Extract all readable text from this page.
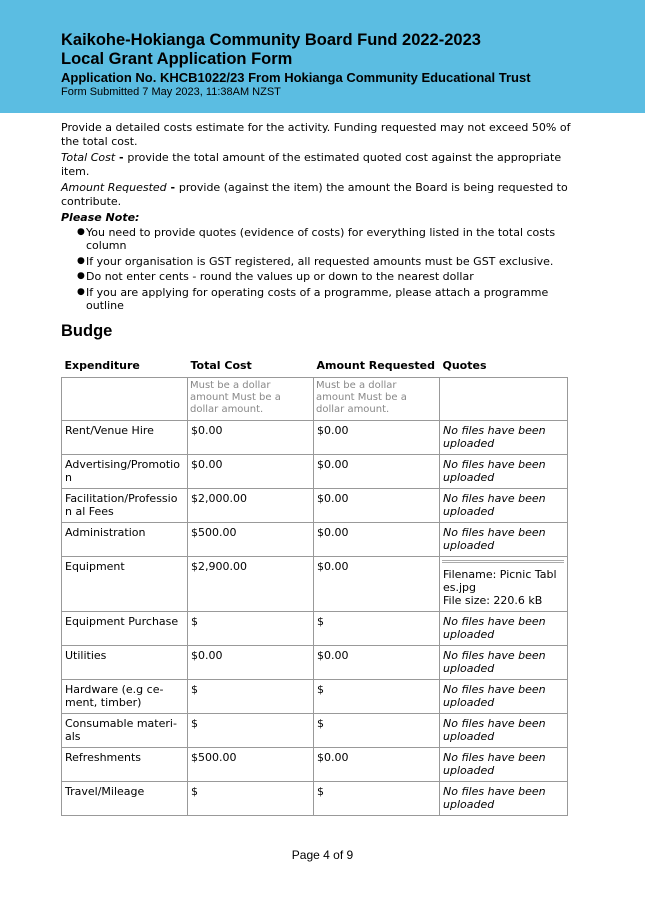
Kaikohe-Hokianga Community Board Fund 2022-2023
Local Grant Application Form
Application No. KHCB1022/23 From Hokianga Community Educational Trust
Form Submitted 7 May 2023, 11:38AM NZST

Provide a detailed costs estimate for the activity. Funding requested may not exceed 50% of the total cost.

Total Cost - provide the total amount of the estimated quoted cost against the appropriate item.

Amount Requested - provide (against the item) the amount the Board is being requested to contribute.

Please Note:
● You need to provide quotes (evidence of costs) for everything listed in the total costs column
● If your organisation is GST registered, all requested amounts must be GST exclusive.
● Do not enter cents - round the values up or down to the nearest dollar
● If you are applying for operating costs of a programme, please attach a programme outline
Budge
Expenditure	Total Cost	Amount Requested	Quotes
	Must be a dollar amount Must be a dollar amount.	Must be a dollar amount Must be a dollar amount.	
Rent/Venue Hire	$0.00	$0.00	No files have been uploaded
Advertising/Promotio n	$0.00	$0.00	No files have been uploaded
Facilitation/Profession al Fees	$2,000.00	$0.00	No files have been uploaded
Administration	$500.00	$0.00	No files have been uploaded
Equipment	$2,900.00	$0.00	Filename: Picnic Tabl es.jpg
File size: 220.6 kB

Equipment Purchase	$	$	No files have been uploaded
Utilities	$0.00	$0.00	No files have been uploaded
Hardware (e.g ce- ment, timber)	$	$	No files have been uploaded
Consumable materi- als	$	$	No files have been uploaded
Refreshments	$500.00	$0.00	No files have been uploaded
Travel/Mileage	$	$	No files have been uploaded
Page 4 of 9
